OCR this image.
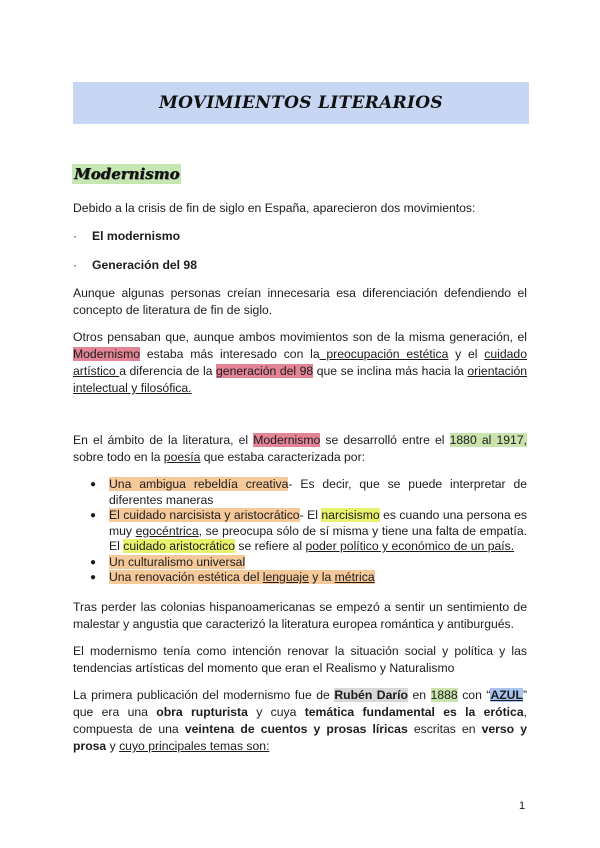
MOVIMIENTOS LITERARIOS
Modernismo
Debido a la crisis de fin de siglo en España, aparecieron dos movimientos:
· El modernismo
· Generación del 98
Aunque algunas personas creían innecesaria esa diferenciación defendiendo el concepto de literatura de fin de siglo.
Otros pensaban que, aunque ambos movimientos son de la misma generación, el Modernismo estaba más interesado con la preocupación estética y el cuidado artístico a diferencia de la generación del 98 que se inclina más hacia la orientación intelectual y filosófica.
En el ámbito de la literatura, el Modernismo se desarrolló entre el 1880 al 1917, sobre todo en la poesía que estaba caracterizada por:
● Una ambigua rebeldía creativa- Es decir, que se puede interpretar de diferentes maneras
● El cuidado narcisista y aristocrático- El narcisismo es cuando una persona es muy egocéntrica, se preocupa sólo de sí misma y tiene una falta de empatía. El cuidado aristocrático se refiere al poder político y económico de un país.
● Un culturalismo universal
● Una renovación estética del lenguaje y la métrica
Tras perder las colonias hispanoamericanas se empezó a sentir un sentimiento de malestar y angustia que caracterizó la literatura europea romántica y antiburgués.
El modernismo tenía como intención renovar la situación social y política y las tendencias artísticas del momento que eran el Realismo y Naturalismo
La primera publicación del modernismo fue de Rubén Darío en 1888 con “AZUL” que era una obra rupturista y cuya temática fundamental es la erótica, compuesta de una veintena de cuentos y prosas líricas escritas en verso y prosa y cuyo principales temas son:
1
